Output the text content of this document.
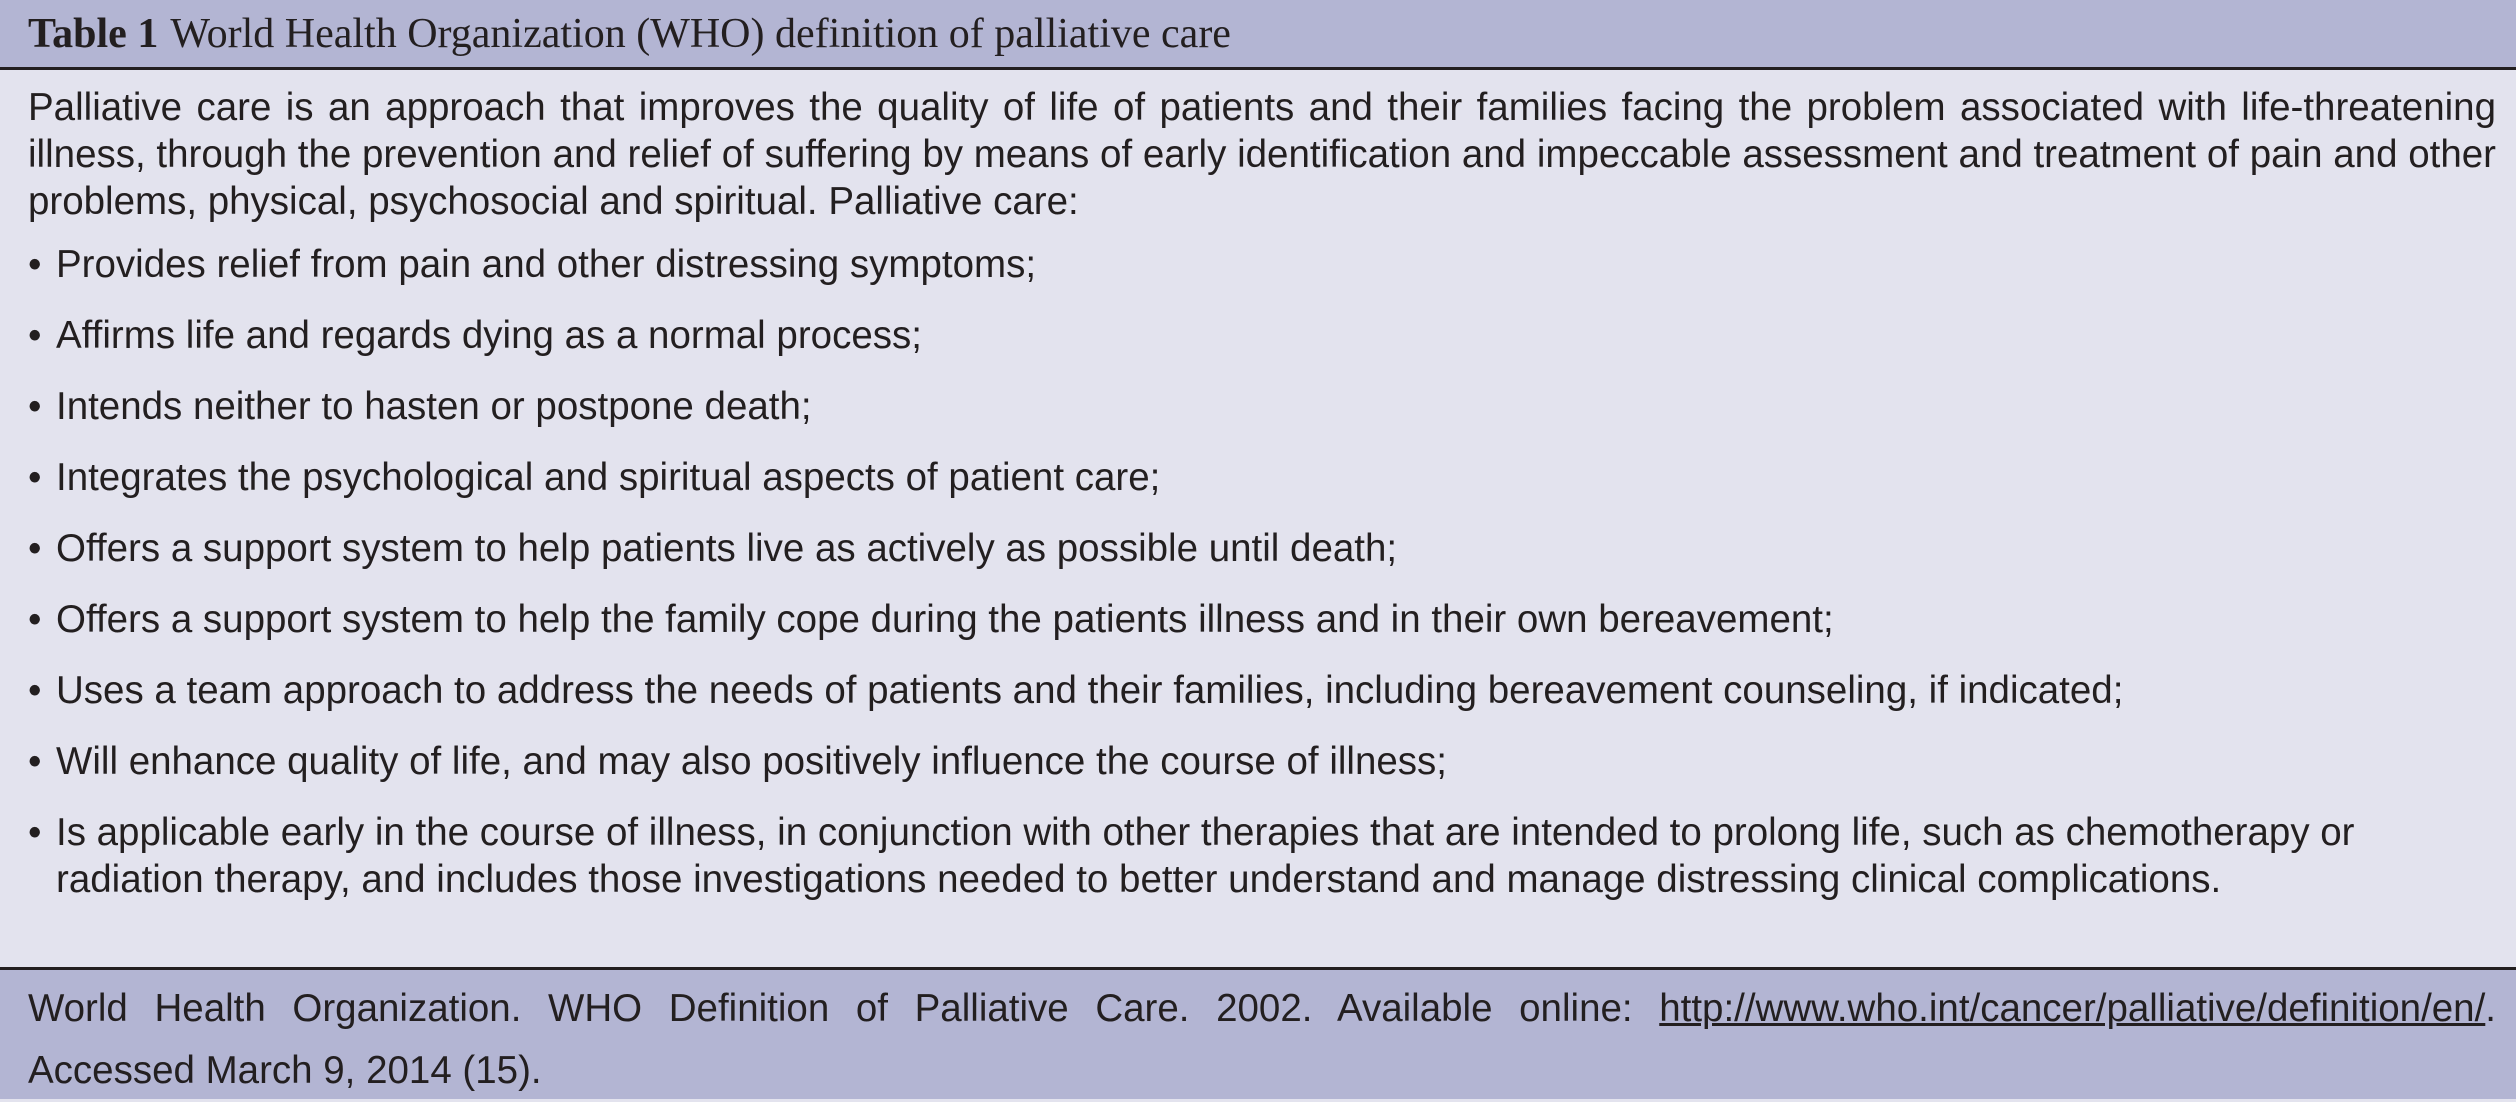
Table 1 World Health Organization (WHO) definition of palliative care

Palliative care is an approach that improves the quality of life of patients and their families facing the problem associated with life-threatening illness, through the prevention and relief of suffering by means of early identification and impeccable assessment and treatment of pain and other problems, physical, psychosocial and spiritual. Palliative care:

• Provides relief from pain and other distressing symptoms;
• Affirms life and regards dying as a normal process;
• Intends neither to hasten or postpone death;
• Integrates the psychological and spiritual aspects of patient care;
• Offers a support system to help patients live as actively as possible until death;
• Offers a support system to help the family cope during the patients illness and in their own bereavement;
• Uses a team approach to address the needs of patients and their families, including bereavement counseling, if indicated;
• Will enhance quality of life, and may also positively influence the course of illness;
• Is applicable early in the course of illness, in conjunction with other therapies that are intended to prolong life, such as chemotherapy or radiation therapy, and includes those investigations needed to better understand and manage distressing clinical complications.
World Health Organization. WHO Definition of Palliative Care. 2002. Available online: http://www.who.int/cancer/palliative/definition/en/. Accessed March 9, 2014 (15).
